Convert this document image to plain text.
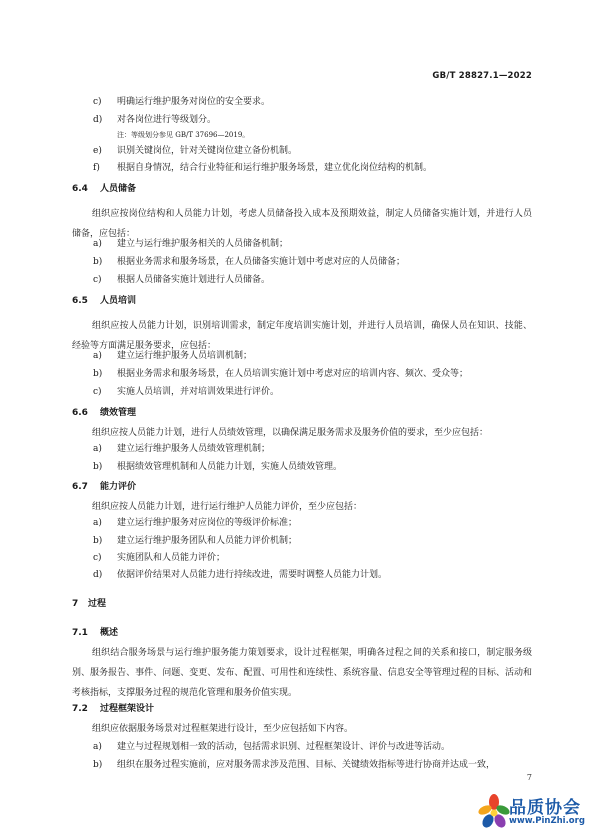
GB/T 28827.1—2022
c) 明确运行维护服务对岗位的安全要求。
d) 对各岗位进行等级划分。
注：等级划分参见 GB/T 37696—2019。
e) 识别关键岗位，针对关键岗位建立备份机制。
f) 根据自身情况，结合行业特征和运行维护服务场景，建立优化岗位结构的机制。
6.4 人员储备
组织应按岗位结构和人员能力计划，考虑人员储备投入成本及预期效益，制定人员储备实施计划，并进行人员储备，应包括：
a) 建立与运行维护服务相关的人员储备机制；
b) 根据业务需求和服务场景，在人员储备实施计划中考虑对应的人员储备；
c) 根据人员储备实施计划进行人员储备。
6.5 人员培训
组织应按人员能力计划，识别培训需求，制定年度培训实施计划，并进行人员培训，确保人员在知识、技能、经验等方面满足服务要求，应包括：
a) 建立运行维护服务人员培训机制；
b) 根据业务需求和服务场景，在人员培训实施计划中考虑对应的培训内容、频次、受众等；
c) 实施人员培训，并对培训效果进行评价。
6.6 绩效管理
组织应按人员能力计划，进行人员绩效管理，以确保满足服务需求及服务价值的要求，至少应包括：
a) 建立运行维护服务人员绩效管理机制；
b) 根据绩效管理机制和人员能力计划，实施人员绩效管理。
6.7 能力评价
组织应按人员能力计划，进行运行维护人员能力评价，至少应包括：
a) 建立运行维护服务对应岗位的等级评价标准；
b) 建立运行维护服务团队和人员能力评价机制；
c) 实施团队和人员能力评价；
d) 依据评价结果对人员能力进行持续改进，需要时调整人员能力计划。
7 过程
7.1 概述
组织结合服务场景与运行维护服务能力策划要求，设计过程框架，明确各过程之间的关系和接口，制定服务级别、服务报告、事件、问题、变更、发布、配置、可用性和连续性、系统容量、信息安全等管理过程的目标、活动和考核指标，支撑服务过程的规范化管理和服务价值实现。
7.2 过程框架设计
组织应依据服务场景对过程框架进行设计，至少应包括如下内容。
a) 建立与过程规划相一致的活动，包括需求识别、过程框架设计、评价与改进等活动。
b) 组织在服务过程实施前，应对服务需求涉及范围、目标、关键绩效指标等进行协商并达成一致，
7
品质协会
www.PinZhi.org
